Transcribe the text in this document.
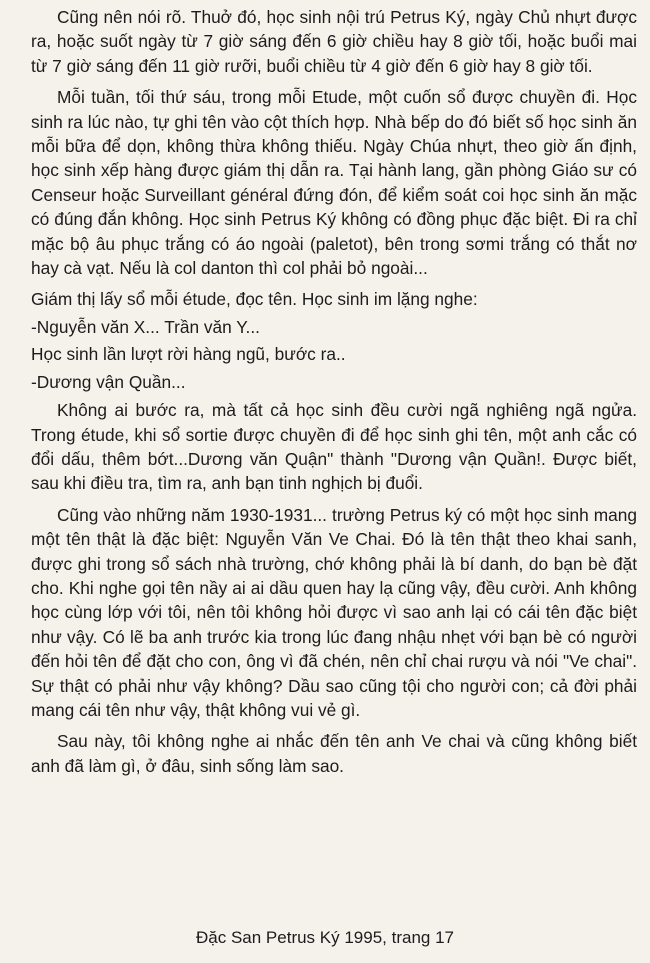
Cũng nên nói rõ. Thuở đó, học sinh nội trú Petrus Ký, ngày Chủ nhựt được ra, hoặc suốt ngày từ 7 giờ sáng đến 6 giờ chiều hay 8 giờ tối, hoặc buổi mai từ 7 giờ sáng đến 11 giờ rưỡi, buổi chiều từ 4 giờ đến 6 giờ hay 8 giờ tối.

Mỗi tuần, tối thứ sáu, trong mỗi Etude, một cuốn sổ được chuyền đi. Học sinh ra lúc nào, tự ghi tên vào cột thích hợp. Nhà bếp do đó biết số học sinh ăn mỗi bữa để dọn, không thừa không thiếu. Ngày Chúa nhựt, theo giờ ấn định, học sinh xếp hàng được giám thị dẫn ra. Tại hành lang, gần phòng Giáo sư có Censeur hoặc Surveillant général đứng đón, để kiểm soát coi học sinh ăn mặc có đúng đắn không. Học sinh Petrus Ký không có đồng phục đặc biệt. Đi ra chỉ mặc bộ âu phục trắng có áo ngoài (paletot), bên trong sơmi trắng có thắt nơ hay cà vạt. Nếu là col danton thì col phải bỏ ngoài...

Giám thị lấy sổ mỗi étude, đọc tên. Học sinh im lặng nghe:

-Nguyễn văn X... Trần văn Y...

Học sinh lần lượt rời hàng ngũ, bước ra..

-Dương vận Quần...

Không ai bước ra, mà tất cả học sinh đều cười ngã nghiêng ngã ngửa. Trong étude, khi sổ sortie được chuyền đi để học sinh ghi tên, một anh cắc có đổi dấu, thêm bớt...Dương văn Quận" thành "Dương vận Quần!. Được biết, sau khi điều tra, tìm ra, anh bạn tinh nghịch bị đuổi.

Cũng vào những năm 1930-1931... trường Petrus ký có một học sinh mang một tên thật là đặc biệt: Nguyễn Văn Ve Chai. Đó là tên thật theo khai sanh, được ghi trong sổ sách nhà trường, chớ không phải là bí danh, do bạn bè đặt cho. Khi nghe gọi tên nầy ai ai dầu quen hay lạ cũng vậy, đều cười. Anh không học cùng lớp với tôi, nên tôi không hỏi được vì sao anh lại có cái tên đặc biệt như vậy. Có lẽ ba anh trước kia trong lúc đang nhậu nhẹt với bạn bè có người đến hỏi tên để đặt cho con, ông vì đã chén, nên chỉ chai rượu và nói "Ve chai". Sự thật có phải như vậy không? Dầu sao cũng tội cho người con; cả đời phải mang cái tên như vậy, thật không vui vẻ gì.

Sau này, tôi không nghe ai nhắc đến tên anh Ve chai và cũng không biết anh đã làm gì, ở đâu, sinh sống làm sao.

Đặc San Petrus Ký 1995, trang 17
